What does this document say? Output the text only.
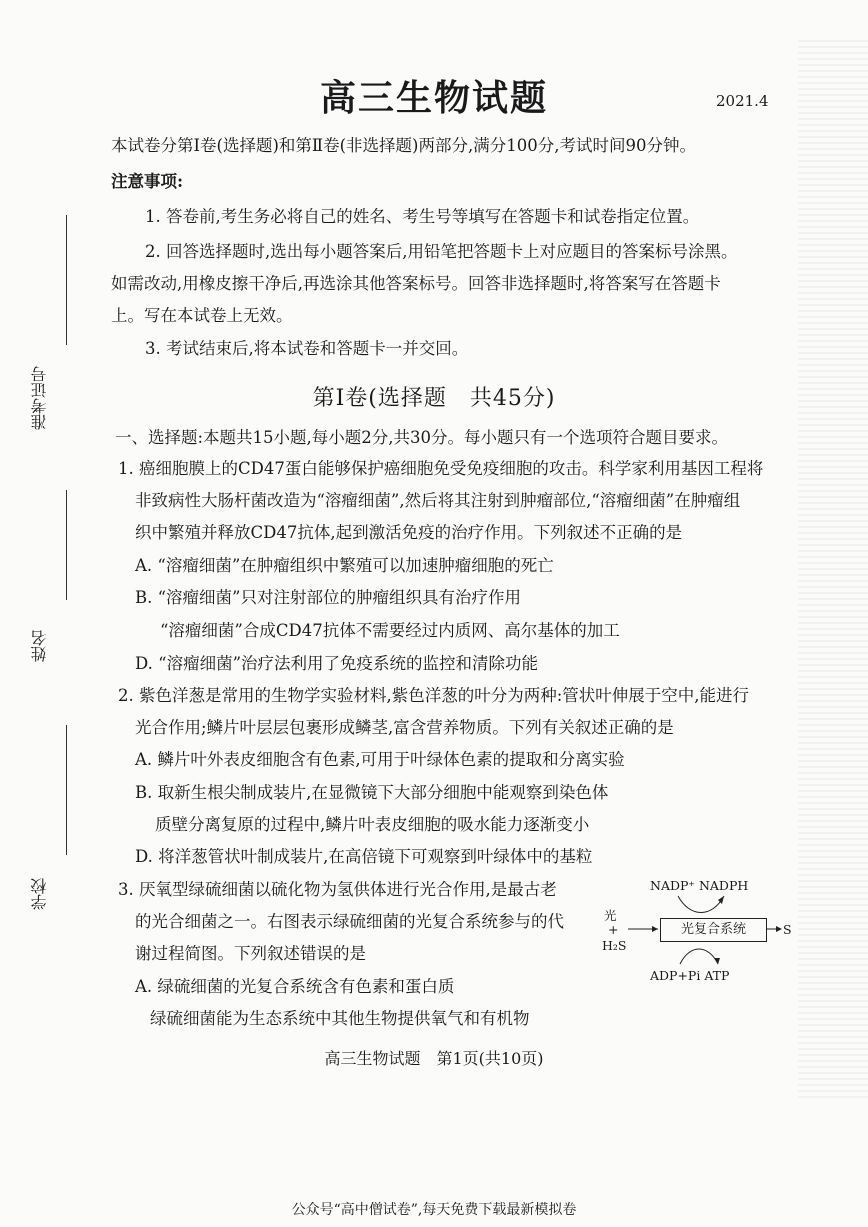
高三生物试题	2021.4
本试卷分第Ⅰ卷(选择题)和第Ⅱ卷(非选择题)两部分,满分100分,考试时间90分钟。
注意事项:
1. 答卷前,考生务必将自己的姓名、考生号等填写在答题卡和试卷指定位置。
2. 回答选择题时,选出每小题答案后,用铅笔把答题卡上对应题目的答案标号涂黑。
如需改动,用橡皮擦干净后,再选涂其他答案标号。回答非选择题时,将答案写在答题卡
上。写在本试卷上无效。
3. 考试结束后,将本试卷和答题卡一并交回。
第Ⅰ卷(选择题　共45分)
一、选择题:本题共15小题,每小题2分,共30分。每小题只有一个选项符合题目要求。
1. 癌细胞膜上的CD47蛋白能够保护癌细胞免受免疫细胞的攻击。科学家利用基因工程将
非致病性大肠杆菌改造为“溶瘤细菌”,然后将其注射到肿瘤部位,“溶瘤细菌”在肿瘤组
织中繁殖并释放CD47抗体,起到激活免疫的治疗作用。下列叙述不正确的是
A. “溶瘤细菌”在肿瘤组织中繁殖可以加速肿瘤细胞的死亡
B. “溶瘤细菌”只对注射部位的肿瘤组织具有治疗作用
“溶瘤细菌”合成CD47抗体不需要经过内质网、高尔基体的加工
D. “溶瘤细菌”治疗法利用了免疫系统的监控和清除功能
2. 紫色洋葱是常用的生物学实验材料,紫色洋葱的叶分为两种:管状叶伸展于空中,能进行
光合作用;鳞片叶层层包裹形成鳞茎,富含营养物质。下列有关叙述正确的是
A. 鳞片叶外表皮细胞含有色素,可用于叶绿体色素的提取和分离实验
B. 取新生根尖制成装片,在显微镜下大部分细胞中能观察到染色体
质壁分离复原的过程中,鳞片叶表皮细胞的吸水能力逐渐变小
D. 将洋葱管状叶制成装片,在高倍镜下可观察到叶绿体中的基粒
3. 厌氧型绿硫细菌以硫化物为氢供体进行光合作用,是最古老
的光合细菌之一。右图表示绿硫细菌的光复合系统参与的代
谢过程简图。下列叙述错误的是
A. 绿硫细菌的光复合系统含有色素和蛋白质
绿硫细菌能为生态系统中其他生物提供氧气和有机物
NADP⁺ NADPH
光
+
H₂S
光复合系统	S
ADP+Pi ATP
准考证号
姓名
学校
高三生物试题　第1页(共10页)
公众号“高中僧试卷”,每天免费下载最新模拟卷
